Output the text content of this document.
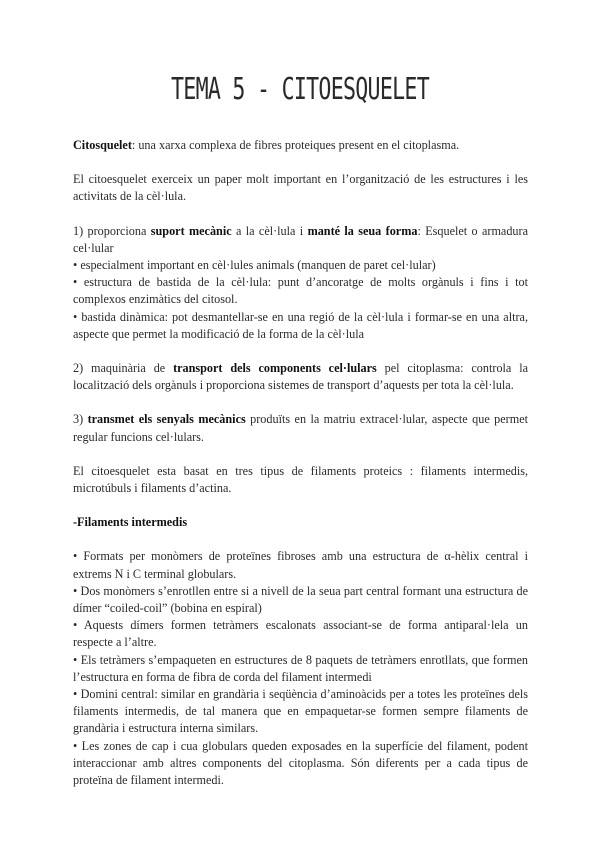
TEMA 5 - CITOESQUELET

Citosquelet: una xarxa complexa de fibres proteiques present en el citoplasma.

El citoesquelet exerceix un paper molt important en l’organització de les estructures i les activitats de la cèl·lula.

1) proporciona suport mecànic a la cèl·lula i manté la seua forma: Esquelet o armadura cel·lular

• especialment important en cèl·lules animals (manquen de paret cel·lular)

• estructura de bastida de la cèl·lula: punt d’ancoratge de molts orgànuls i fins i tot complexos enzimàtics del citosol.

• bastida dinàmica: pot desmantellar-se en una regió de la cèl·lula i formar-se en una altra, aspecte que permet la modificació de la forma de la cèl·lula

2) maquinària de transport dels components cel·lulars pel citoplasma: controla la localització dels orgànuls i proporciona sistemes de transport d’aquests per tota la cèl·lula.

3) transmet els senyals mecànics produïts en la matriu extracel·lular, aspecte que permet regular funcions cel·lulars.

El citoesquelet esta basat en tres tipus de filaments proteics : filaments intermedis, microtúbuls i filaments d’actina.

-Filaments intermedis

• Formats per monòmers de proteïnes fibroses amb una estructura de α-hèlix central i extrems N i C terminal globulars.

• Dos monòmers s’enrotllen entre si a nivell de la seua part central formant una estructura de dímer “coiled-coil” (bobina en espiral)

• Aquests dímers formen tetràmers escalonats associant-se de forma antiparal·lela un respecte a l’altre.

• Els tetràmers s’empaqueten en estructures de 8 paquets de tetràmers enrotllats, que formen l’estructura en forma de fibra de corda del filament intermedi

• Domini central: similar en grandària i seqüència d’aminoàcids per a totes les proteïnes dels filaments intermedis, de tal manera que en empaquetar-se formen sempre filaments de grandària i estructura interna similars.

• Les zones de cap i cua globulars queden exposades en la superfície del filament, podent interaccionar amb altres components del citoplasma. Són diferents per a cada tipus de proteïna de filament intermedi.
